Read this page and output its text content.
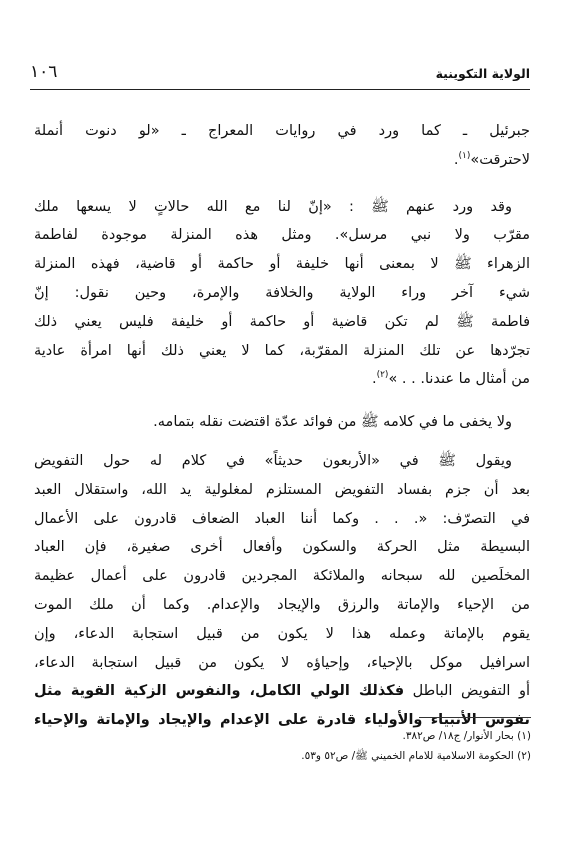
الولاية التكوينية
١٠٦

جبرئيل ـ كما ورد في روايات المعراج ـ «لو دنوت أنملة
لاحترقت»$^{(١)}$.

وقد ورد عنهم ﷺ : «إنّ لنا مع الله حالاتٍ لا يسعها ملك
مقرّب ولا نبي مرسل». ومثل هذه المنزلة موجودة لفاطمة
الزهراء ﷺ لا بمعنى أنها خليفة أو حاكمة أو قاضية، فهذه المنزلة
شيء آخر وراء الولاية والخلافة والإمرة، وحين نقول: إنّ
فاطمة ﷺ لم تكن قاضية أو حاكمة أو خليفة فليس يعني ذلك
تجرّدها عن تلك المنزلة المقرّبة، كما لا يعني ذلك أنها امرأة عادية
من أمثال ما عندنا. . . »$^{(٢)}$.

ولا يخفى ما في كلامه ﷺ من فوائد عدّة اقتضت نقله بتمامه.

ويقول ﷺ في «الأربعون حديثاً» في كلام له حول التفويض
بعد أن جزم بفساد التفويض المستلزم لمغلولية يد الله، واستقلال العبد
في التصرّف: «. . . وكما أننا العباد الضعاف قادرون على الأعمال
البسيطة مثل الحركة والسكون وأفعال أخرى صغيرة، فإن العباد
المخلَصين لله سبحانه والملائكة المجردين قادرون على أعمال عظيمة
من الإحياء والإماتة والرزق والإيجاد والإعدام. وكما أن ملك الموت
يقوم بالإماتة وعمله هذا لا يكون من قبيل استجابة الدعاء، وإن
اسرافيل موكل بالإحياء، وإحياؤه لا يكون من قبيل استجابة الدعاء،
أو التفويض الباطل فكذلك الولي الكامل، والنفوس الزكية القوية مثل
نفوس الأنبياء والأولياء قادرة على الإعدام والإيجاد والإماتة والإحياء

(١) بحار الأنوار/ ج١٨/ ص٣٨٢.
(٢) الحكومة الاسلامية للامام الخميني ﷺ/ ص٥٢ و٥٣.
